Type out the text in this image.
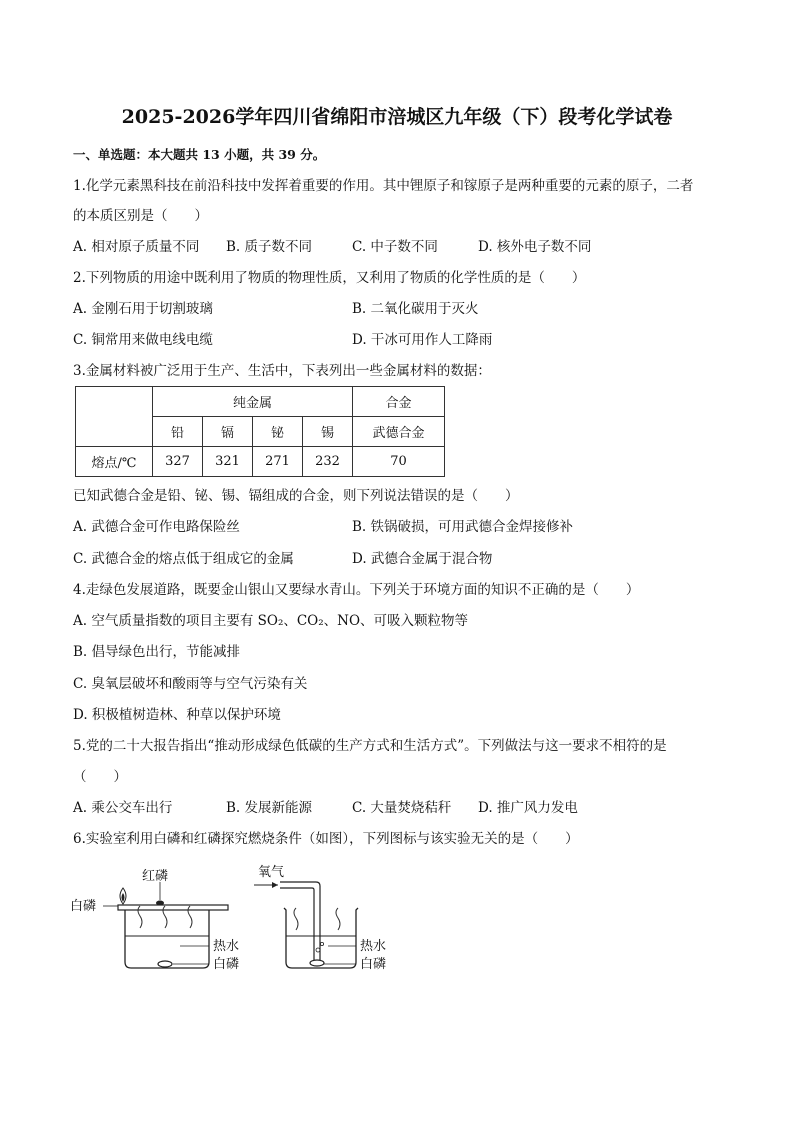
2025-2026学年四川省绵阳市涪城区九年级（下）段考化学试卷
一、单选题：本大题共 13 小题，共 39 分。
1.化学元素黑科技在前沿科技中发挥着重要的作用。其中锂原子和镓原子是两种重要的元素的原子，二者
的本质区别是（　　）
A. 相对原子质量不同 B. 质子数不同	C. 中子数不同	D. 核外电子数不同
2.下列物质的用途中既利用了物质的物理性质，又利用了物质的化学性质的是（　　）
A. 金刚石用于切割玻璃	B. 二氧化碳用于灭火
C. 铜常用来做电线电缆	D. 干冰可用作人工降雨
3.金属材料被广泛用于生产、生活中，下表列出一些金属材料的数据：
	纯金属				合金
	铅	镉	铋	锡	武德合金
熔点/℃	327	321	271	232	70
已知武德合金是铅、铋、锡、镉组成的合金，则下列说法错误的是（　　）
A. 武德合金可作电路保险丝	B. 铁锅破损，可用武德合金焊接修补
C. 武德合金的熔点低于组成它的金属	D. 武德合金属于混合物
4.走绿色发展道路，既要金山银山又要绿水青山。下列关于环境方面的知识不正确的是（　　）
A. 空气质量指数的项目主要有 SO₂、CO₂、NO、可吸入颗粒物等
B. 倡导绿色出行，节能减排
C. 臭氧层破坏和酸雨等与空气污染有关
D. 积极植树造林、种草以保护环境
5.党的二十大报告指出“推动形成绿色低碳的生产方式和生活方式”。下列做法与这一要求不相符的是
（　　）
A. 乘公交车出行	B. 发展新能源	C. 大量焚烧秸秆 D. 推广风力发电
6.实验室利用白磷和红磷探究燃烧条件（如图），下列图标与该实验无关的是（　　）
白磷
红磷
热水
白磷
氧气
热水
白磷
